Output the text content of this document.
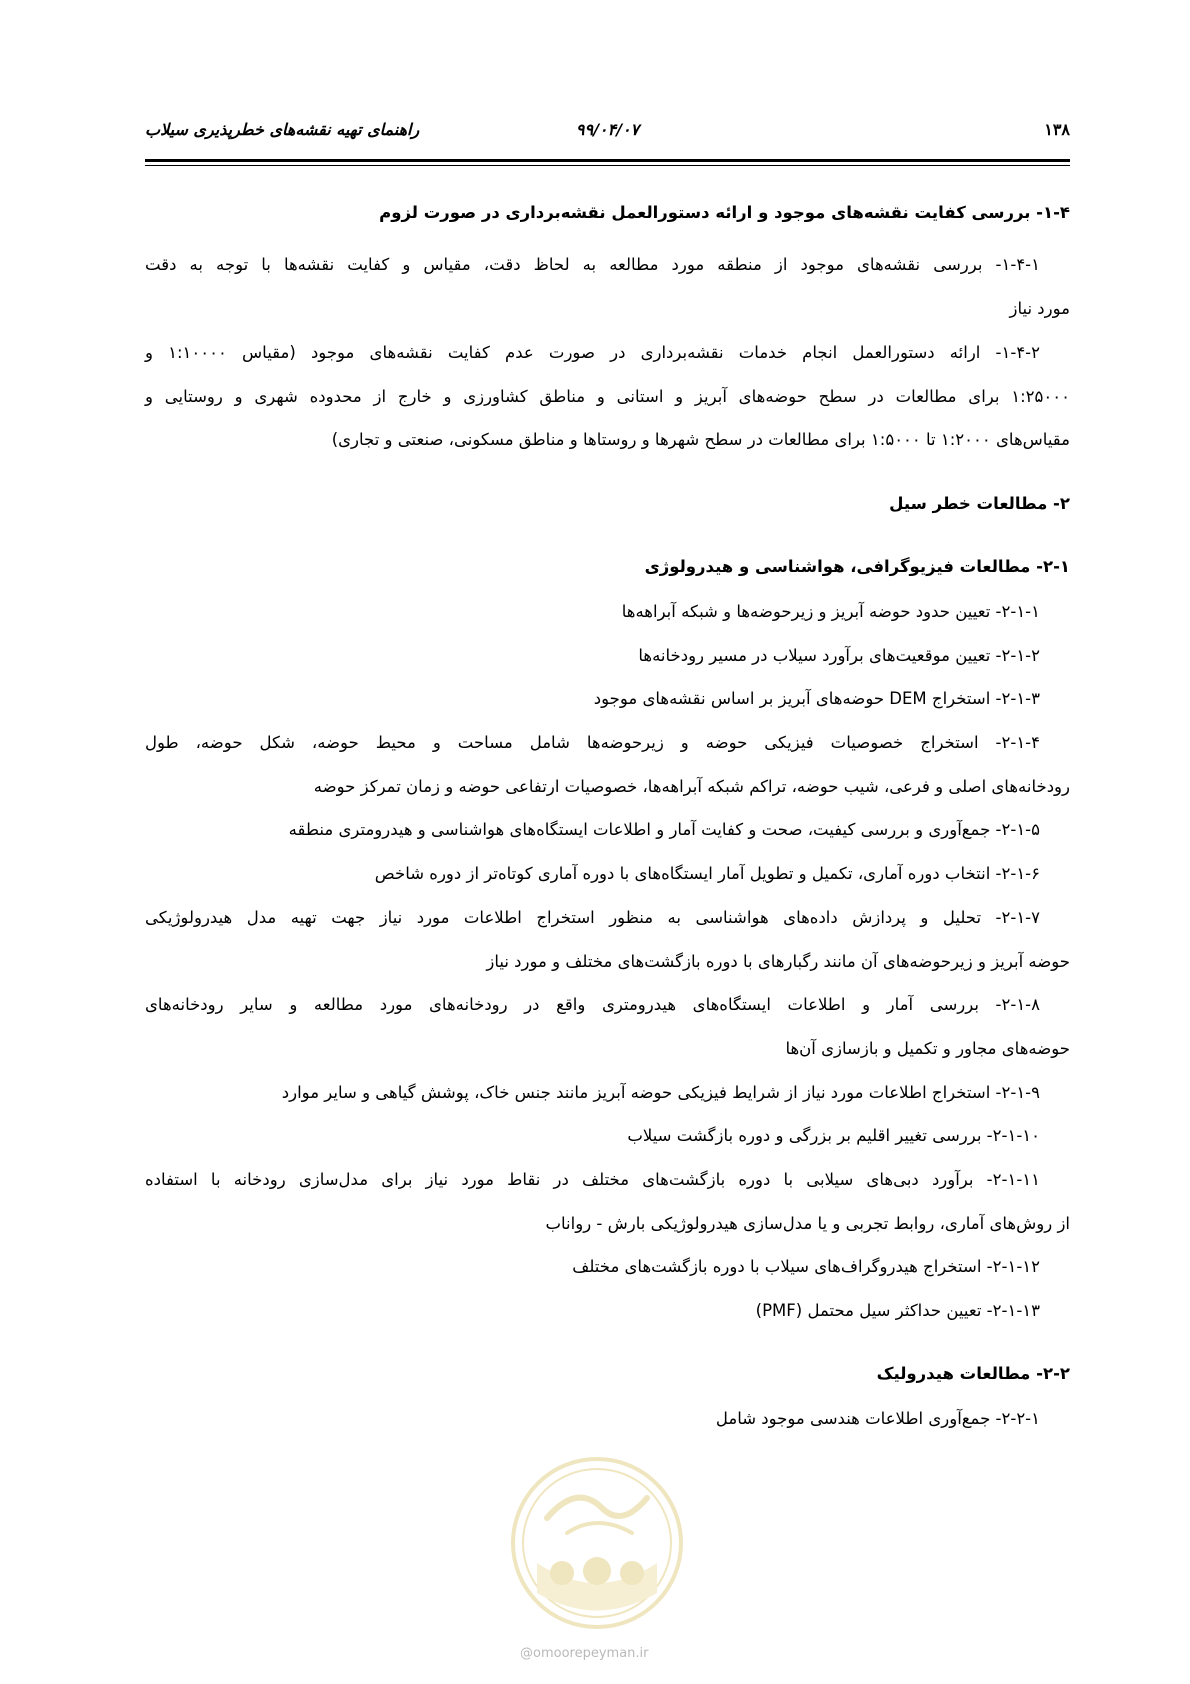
۱۳۸
۹۹/۰۴/۰۷
راهنمای تهیه نقشه‌های خطرپذیری سیلاب
۱-۴- بررسی کفایت نقشه‌های موجود و ارائه دستورالعمل نقشه‌برداری در صورت لزوم
۱-۴-۱- بررسی نقشه‌های موجود از منطقه مورد مطالعه به لحاظ دقت، مقیاس و کفایت نقشه‌ها با توجه به دقت
مورد نیاز
۱-۴-۲- ارائه دستورالعمل انجام خدمات نقشه‌برداری در صورت عدم کفایت نقشه‌های موجود (مقیاس ۱:۱۰۰۰۰ و
۱:۲۵۰۰۰ برای مطالعات در سطح حوضه‌های آبریز و استانی و مناطق کشاورزی و خارج از محدوده شهری و روستایی و
مقیاس‌های ۱:۲۰۰۰ تا ۱:۵۰۰۰ برای مطالعات در سطح شهرها و روستاها و مناطق مسکونی، صنعتی و تجاری)
۲- مطالعات خطر سیل
۲-۱- مطالعات فیزیوگرافی، هواشناسی و هیدرولوژی
۲-۱-۱- تعیین حدود حوضه آبریز و زیرحوضه‌ها و شبکه آبراهه‌ها
۲-۱-۲- تعیین موقعیت‌های برآورد سیلاب در مسیر رودخانه‌ها
۲-۱-۳- استخراج DEM حوضه‌های آبریز بر اساس نقشه‌های موجود
۲-۱-۴- استخراج خصوصیات فیزیکی حوضه و زیرحوضه‌ها شامل مساحت و محیط حوضه، شکل حوضه، طول
رودخانه‌های اصلی و فرعی، شیب حوضه، تراکم شبکه آبراهه‌ها، خصوصیات ارتفاعی حوضه و زمان تمرکز حوضه
۲-۱-۵- جمع‌آوری و بررسی کیفیت، صحت و کفایت آمار و اطلاعات ایستگاه‌های هواشناسی و هیدرومتری منطقه
۲-۱-۶- انتخاب دوره آماری، تکمیل و تطویل آمار ایستگاه‌های با دوره آماری کوتاه‌تر از دوره شاخص
۲-۱-۷- تحلیل و پردازش داده‌های هواشناسی به منظور استخراج اطلاعات مورد نیاز جهت تهیه مدل هیدرولوژیکی
حوضه آبریز و زیرحوضه‌های آن مانند رگبارهای با دوره بازگشت‌های مختلف و مورد نیاز
۲-۱-۸- بررسی آمار و اطلاعات ایستگاه‌های هیدرومتری واقع در رودخانه‌های مورد مطالعه و سایر رودخانه‌های
حوضه‌های مجاور و تکمیل و بازسازی آن‌ها
۲-۱-۹- استخراج اطلاعات مورد نیاز از شرایط فیزیکی حوضه آبریز مانند جنس خاک، پوشش گیاهی و سایر موارد
۲-۱-۱۰- بررسی تغییر اقلیم بر بزرگی و دوره بازگشت سیلاب
۲-۱-۱۱- برآورد دبی‌های سیلابی با دوره بازگشت‌های مختلف در نقاط مورد نیاز برای مدل‌سازی رودخانه با استفاده
از روش‌های آماری، روابط تجربی و یا مدل‌سازی هیدرولوژیکی بارش - رواناب
۲-۱-۱۲- استخراج هیدروگراف‌های سیلاب با دوره بازگشت‌های مختلف
۲-۱-۱۳- تعیین حداکثر سیل محتمل (PMF)
۲-۲- مطالعات هیدرولیک
۲-۲-۱- جمع‌آوری اطلاعات هندسی موجود شامل
@omoorepeyman.ir
